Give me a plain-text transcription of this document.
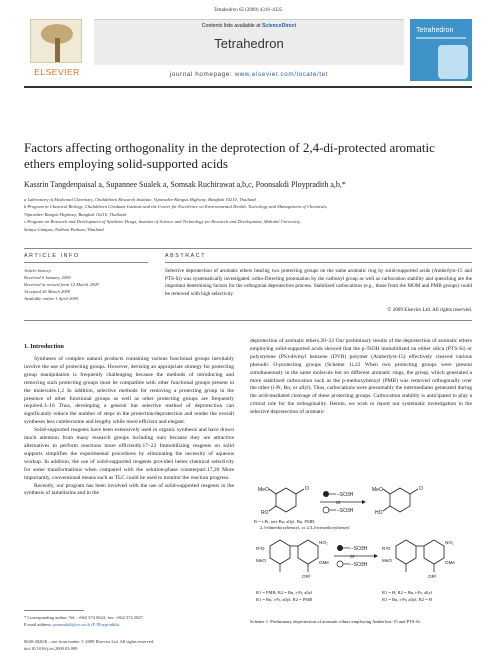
Tetrahedron 65 (2009) 4316–4325
ELSEVIER
Contents lists available at ScienceDirect
Tetrahedron
journal homepage: www.elsevier.com/locate/tet
Tetrahedron
Factors affecting orthogonality in the deprotection of 2,4-di-protected aromatic
ethers employing solid-supported acids
Kassrin Tangdenpaisal a, Supannee Sualek a, Somsak Ruchirawat a,b,c, Poonsakdi Ploypradith a,b,*

a Laboratory of Medicinal Chemistry, Chulabhorn Research Institute, Vipavadee-Rangsit Highway, Bangkok 10210, Thailand

b Program in Chemical Biology, Chulabhorn Graduate Institute and the Center for Excellence on Environmental Health, Toxicology and Management of Chemicals,

Vipavadee-Rangsit Highway, Bangkok 10210, Thailand

c Program on Research and Development of Synthetic Drugs, Institute of Science and Technology for Research and Development, Mahidol University,

Salaya Campus, Nakhon Pathom, Thailand

ARTICLE INFO	ABSTRACT
Article history:
Received 6 January 2009
Received in revised form 12 March 2009
Accepted 26 March 2009
Available online 1 April 2009
Selective deprotection of aromatic ethers bearing two protecting groups on the same aromatic ring by solid-supported acids (Amberlyst-15 and PTS-Si) was systematically investigated. ortho-Directing protonation by the carbonyl group as well as carbocation stability and quenching are the important determining factors for the orthogonal deprotection process. Stabilized carbocations (e.g., those from the MOM and PMB groups) could be removed with high selectivity.
© 2009 Elsevier Ltd. All rights reserved.
1. Introduction

Syntheses of complex natural products containing various functional groups inevitably involve the use of protecting groups. However, devising an appropriate strategy for protecting group manipulation is frequently challenging because the methods of introducing and removing such protecting groups must be compatible with other functional groups present in the molecules.1,2 In addition, selective methods for removing a protecting group in the presence of other functional groups as well as other protecting groups are frequently required.3–16 Thus, developing a general but selective method of deprotection can significantly reduce the number of steps in the protection/deprotection and render the overall syntheses less cumbersome and lengthy while more efficient and elegant.

Solid-supported reagents have been extensively used in organic synthesis and have drawn much attention from many research groups including ours because they are attractive alternatives to perform reactions more efficiently.17–22 Immobilizing reagents on solid supports simplifies the experimental procedures by eliminating the necessity of aqueous workup. In addition, the use of solid-supported reagents provided better chemical selectivity for some transformations when compared with the solution-phase counterpart.17,20 More importantly, conventional means such as TLC could be used to monitor the reaction progress.

Recently, our program has been involved with the use of solid-supported reagents in the synthesis of lamellarins and in the

deprotection of aromatic ethers.20–22 Our preliminary results of the deprotection of aromatic ethers employing solid-supported acids showed that the p-TsOH immobilized on either silica (PTS-Si) or polystyrene (PS)-divinyl benzene (DVB) polymer (Amberlyst-15) effectively cleaved various phenolic O-protecting groups (Scheme 1).22 When two protecting groups were present simultaneously in the same molecule but on different aromatic rings, the group, which generated a more stabilized carbocation such as the p-methoxybenzyl (PMB) was removed orthogonally over the other (i-Pr, Bn, or allyl). Thus, carbocations were presumably the intermediates generated during the acid-mediated cleavage of these protecting groups. Carbocation stability is anticipated to play a critical role for the orthogonality. Herein, we wish to report our systematic investigation in the selective deprotection of aromatic

MeO
RO
O
–SO3H
or
–SO3H
MeO
HO
O
R = i-Pr, tert-Bu, allyl, Bn, PMB,
2,3-dimethoxybenzyl, or 2,3,4-trimethoxybenzyl
R¹O
MeO
NO₂
OMe
OR²
–SO3H
or
–SO3H
R¹O
MeO
NO₂
OMe
OR²
R1 = PMB; R2 = Bn, i-Pr, allyl
R1 = Bn, i-Pr, allyl; R2 = PMB
R1 = H; R2 = Bn, i-Pr, allyl
R1 = Bn, i-Pr, allyl; R2 = H
Scheme 1. Preliminary deprotection of aromatic ethers employing Amberlyst-15 and PTS-Si.
* Corresponding author. Tel.: +662 574 0622; fax: +662 574 2027.
E-mail address: poonsakdi@cri.or.th (P. Ploypradith).
0040-4020/$ – see front matter © 2009 Elsevier Ltd. All rights reserved.
doi:10.1016/j.tet.2009.03.089
